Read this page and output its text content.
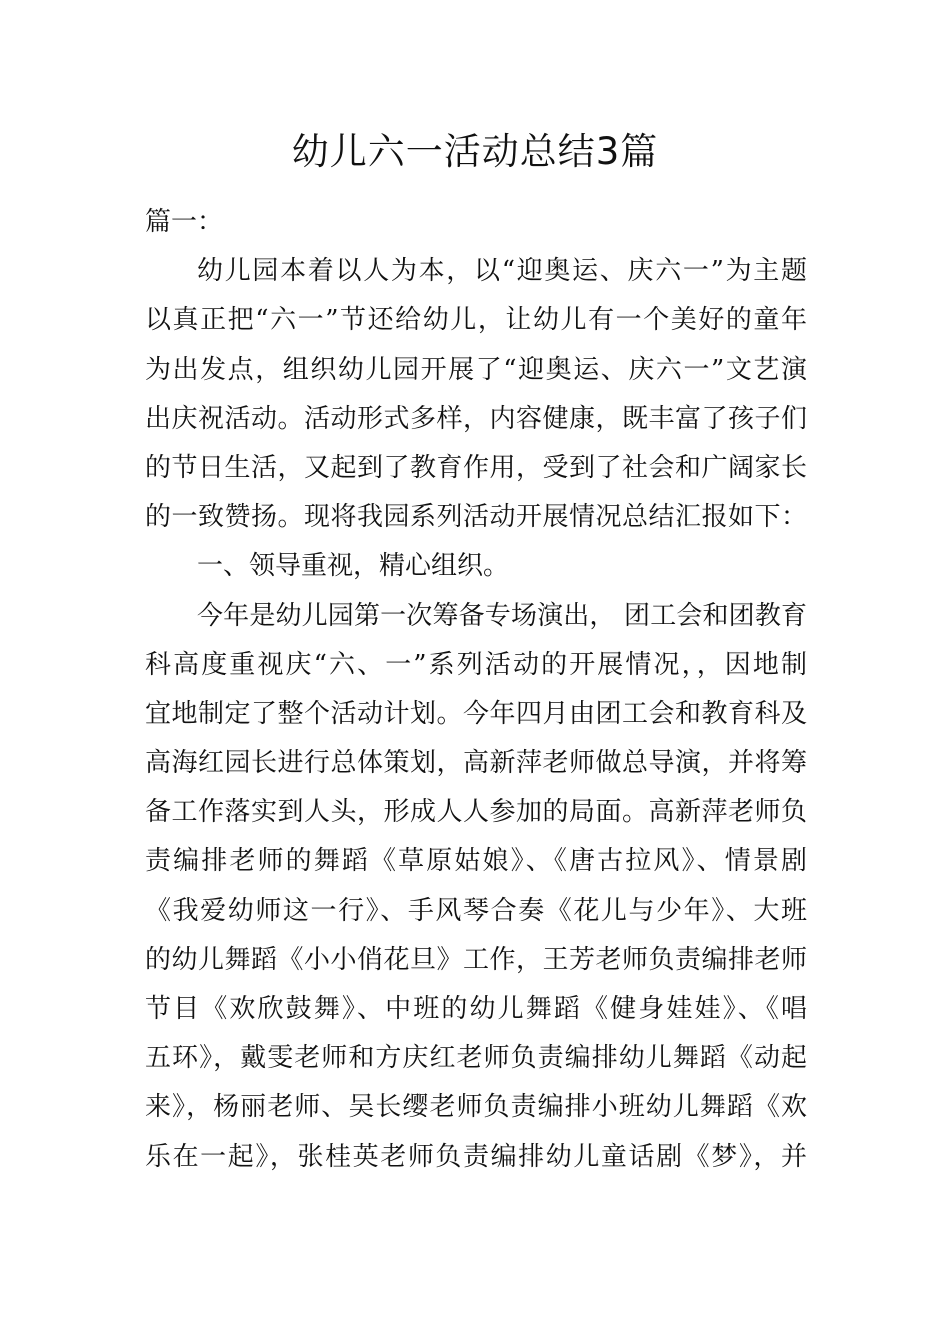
幼儿六一活动总结3篇
篇一：
幼儿园本着以人为本，以“迎奥运、庆六一”为主题
以真正把“六一”节还给幼儿，让幼儿有一个美好的童年
为出发点，组织幼儿园开展了“迎奥运、庆六一”文艺演
出庆祝活动。活动形式多样，内容健康，既丰富了孩子们
的节日生活，又起到了教育作用，受到了社会和广阔家长
的一致赞扬。现将我园系列活动开展情况总结汇报如下：
一、领导重视，精心组织。
今年是幼儿园第一次筹备专场演出， 团工会和团教育
科高度重视庆“六、一”系列活动的开展情况，，因地制
宜地制定了整个活动计划。今年四月由团工会和教育科及
高海红园长进行总体策划，高新萍老师做总导演，并将筹
备工作落实到人头，形成人人参加的局面。高新萍老师负
责编排老师的舞蹈《草原姑娘》、《唐古拉风》、情景剧
《我爱幼师这一行》、手风琴合奏《花儿与少年》、大班
的幼儿舞蹈《小小俏花旦》工作，王芳老师负责编排老师
节目《欢欣鼓舞》、中班的幼儿舞蹈《健身娃娃》、《唱
五环》，戴雯老师和方庆红老师负责编排幼儿舞蹈《动起
来》，杨丽老师、吴长缨老师负责编排小班幼儿舞蹈《欢
乐在一起》，张桂英老师负责编排幼儿童话剧《梦》，并
